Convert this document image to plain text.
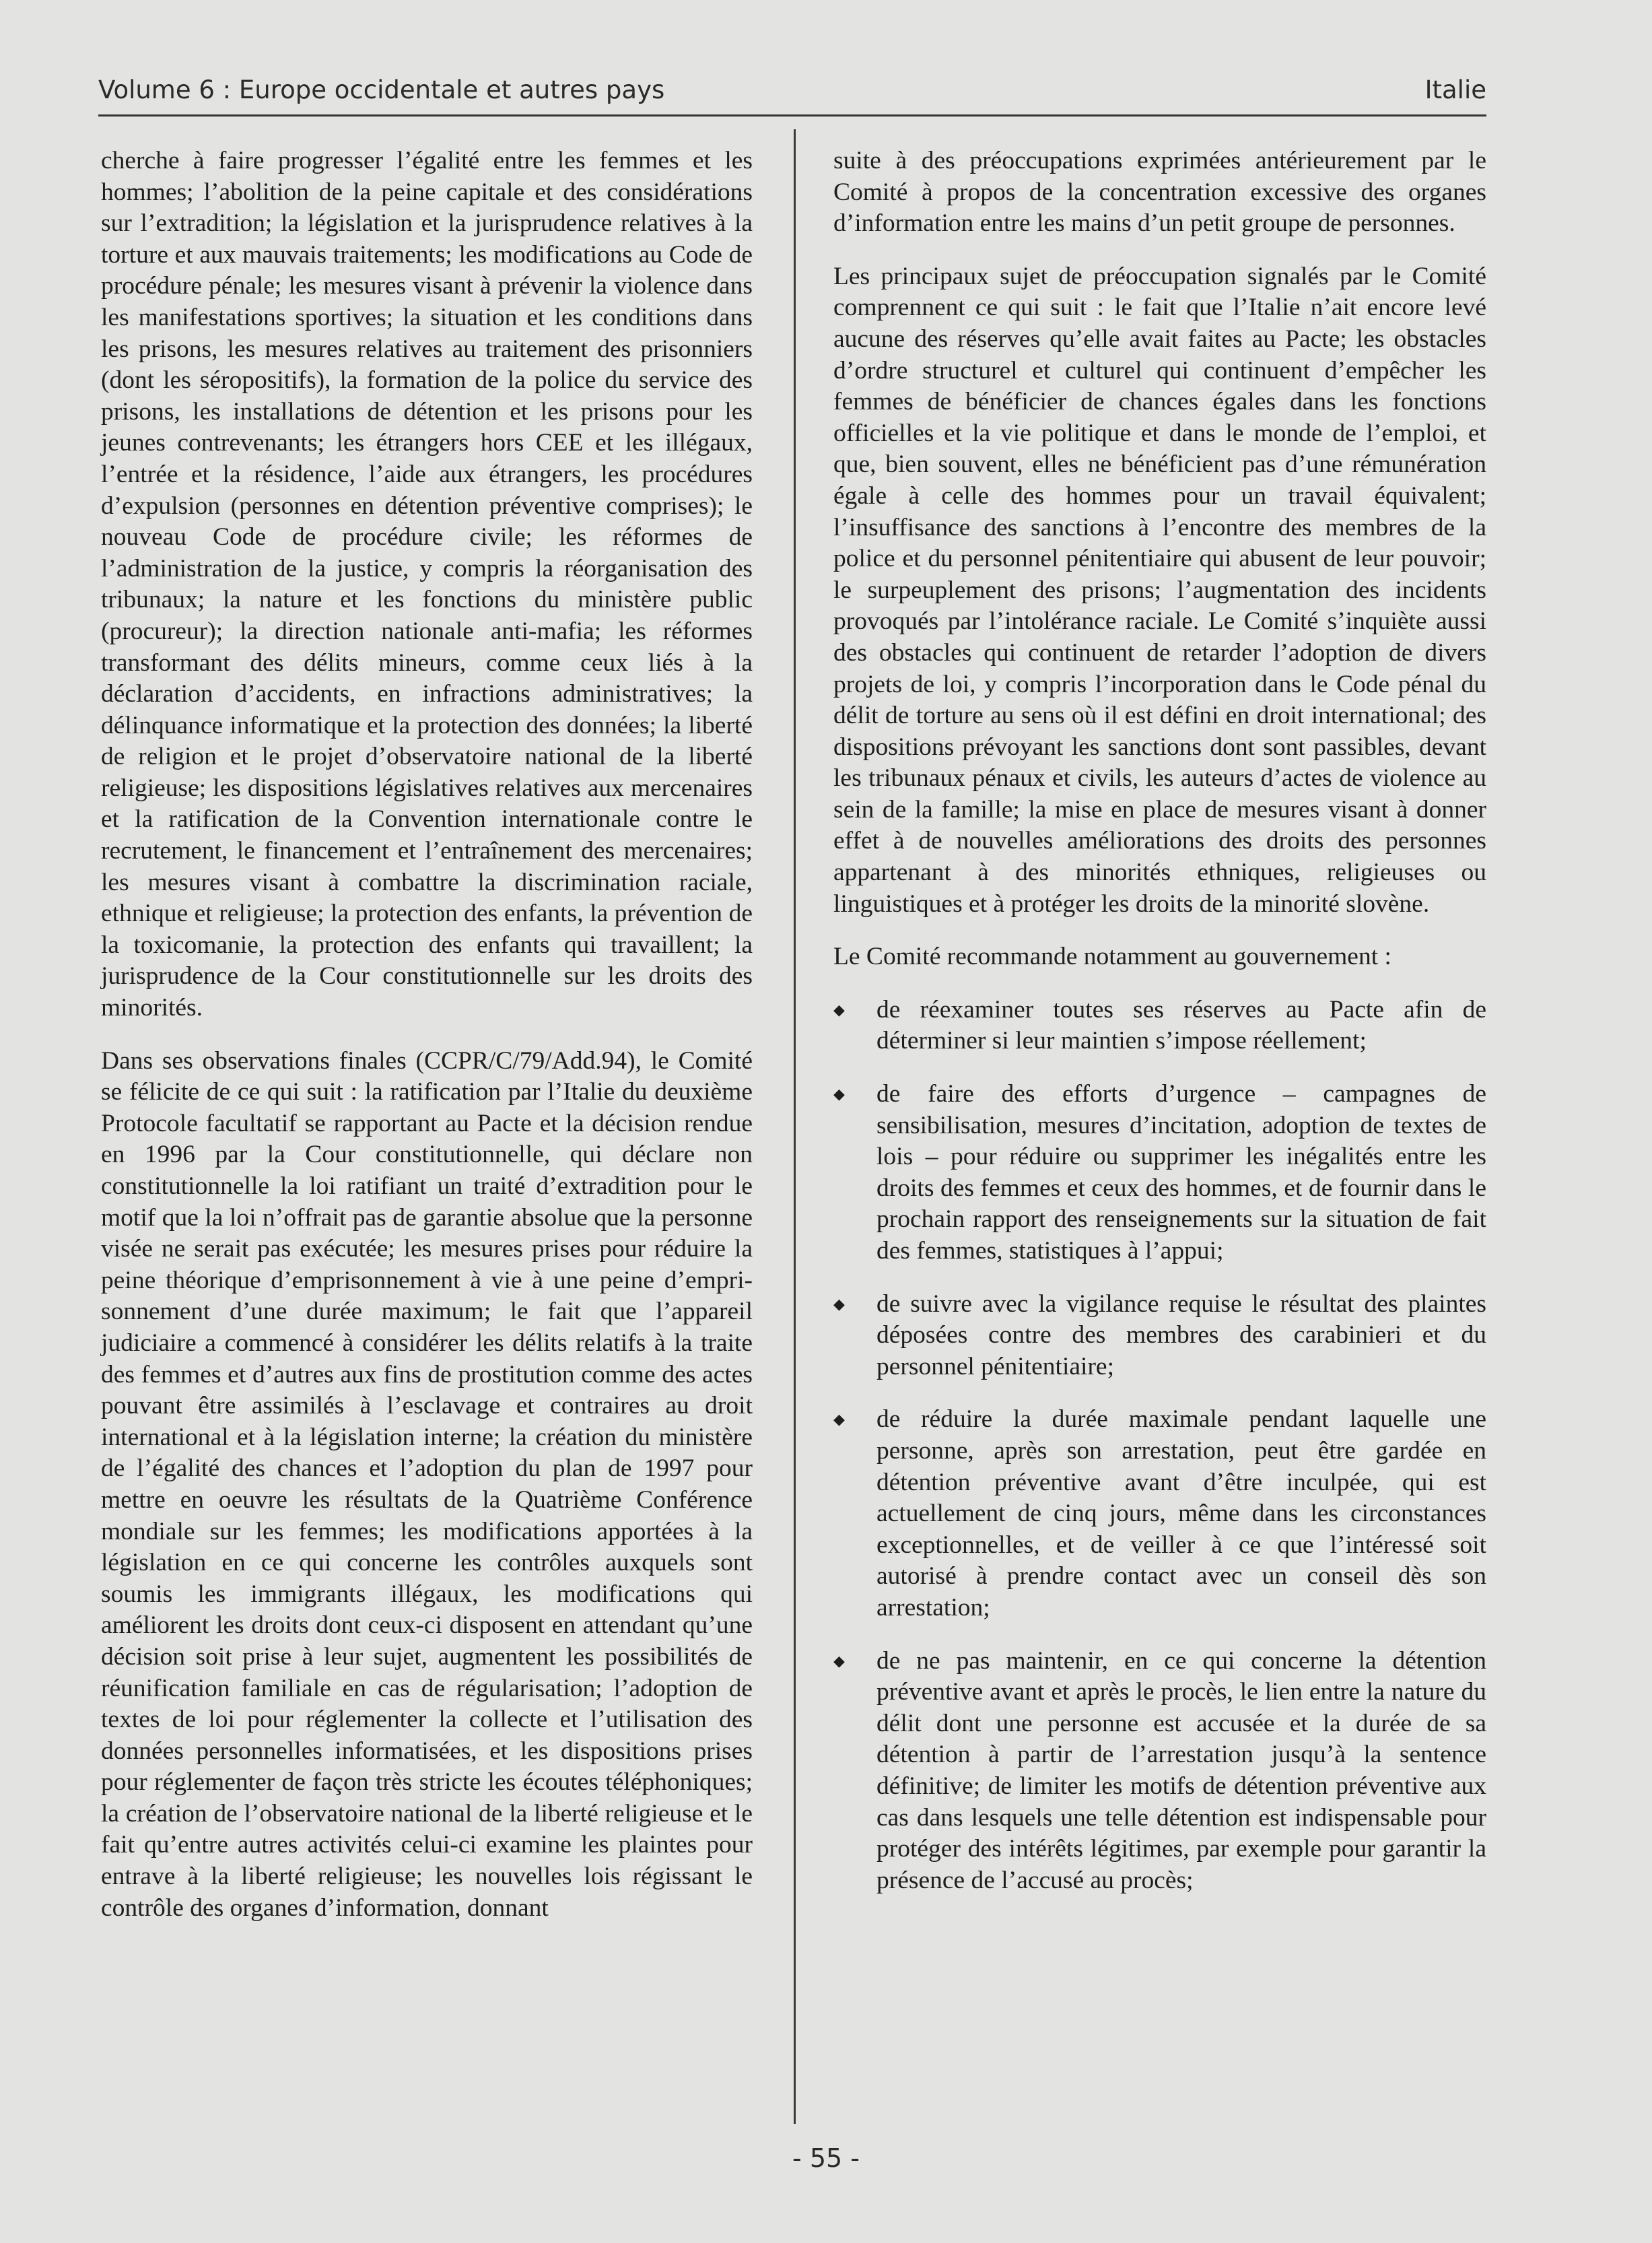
Volume 6 : Europe occidentale et autres pays	Italie

cherche à faire progresser l’égalité entre les femmes et les hommes; l’abolition de la peine capitale et des considérations sur l’extradition; la législation et la jurisprudence relatives à la torture et aux mauvais traitements; les modifications au Code de procédure pénale; les mesures visant à prévenir la violence dans les manifestations sportives; la situation et les conditions dans les prisons, les mesures relatives au traitement des prisonniers (dont les séropositifs), la formation de la police du service des prisons, les installations de détention et les prisons pour les jeunes contrevenants; les étrangers hors CEE et les illégaux, l’entrée et la résidence, l’aide aux étrangers, les procédures d’expulsion (personnes en détention préventive comprises); le nouveau Code de procédure civile; les réformes de l’administration de la justice, y compris la réorganisation des tribunaux; la nature et les fonctions du ministère public (procureur); la direction nationale anti-mafia; les réformes transformant des délits mineurs, comme ceux liés à la déclaration d’accidents, en infractions administratives; la délinquance informatique et la protection des données; la liberté de religion et le projet d’observatoire national de la liberté religieuse; les dispositions législatives relatives aux mercenaires et la ratification de la Convention internationale contre le recrutement, le financement et l’entraînement des mercenaires; les mesures visant à combattre la discrimination raciale, ethnique et religieuse; la protection des enfants, la prévention de la toxicomanie, la protection des enfants qui travaillent; la jurisprudence de la Cour constitutionnelle sur les droits des minorités.

Dans ses observations finales (CCPR/C/79/Add.94), le Comité se félicite de ce qui suit : la ratification par l’Italie du deuxième Protocole facultatif se rapportant au Pacte et la décision rendue en 1996 par la Cour constitutionnelle, qui déclare non constitutionnelle la loi ratifiant un traité d’extradition pour le motif que la loi n’offrait pas de garantie absolue que la personne visée ne serait pas exécutée; les mesures prises pour réduire la peine théorique d’emprisonnement à vie à une peine d’emprisonnement d’une durée maximum; le fait que l’appareil judiciaire a commencé à considérer les délits relatifs à la traite des femmes et d’autres aux fins de prostitution comme des actes pouvant être assimilés à l’esclavage et contraires au droit international et à la législation interne; la création du ministère de l’égalité des chances et l’adoption du plan de 1997 pour mettre en oeuvre les résultats de la Quatrième Conférence mondiale sur les femmes; les modifications apportées à la législation en ce qui concerne les contrôles auxquels sont soumis les immigrants illégaux, les modifications qui améliorent les droits dont ceux-ci disposent en attendant qu’une décision soit prise à leur sujet, augmentent les possibilités de réunification familiale en cas de régularisation; l’adoption de textes de loi pour réglementer la collecte et l’utilisation des données personnelles informatisées, et les dispositions prises pour réglementer de façon très stricte les écoutes téléphoniques; la création de l’observatoire national de la liberté religieuse et le fait qu’entre autres activités celui-ci examine les plaintes pour entrave à la liberté religieuse; les nouvelles lois régissant le contrôle des organes d’information, donnant

suite à des préoccupations exprimées antérieurement par le Comité à propos de la concentration excessive des organes d’information entre les mains d’un petit groupe de personnes.

Les principaux sujet de préoccupation signalés par le Comité comprennent ce qui suit : le fait que l’Italie n’ait encore levé aucune des réserves qu’elle avait faites au Pacte; les obstacles d’ordre structurel et culturel qui continuent d’empêcher les femmes de bénéficier de chances égales dans les fonctions officielles et la vie politique et dans le monde de l’emploi, et que, bien souvent, elles ne bénéficient pas d’une rémunération égale à celle des hommes pour un travail équivalent; l’insuffisance des sanctions à l’encontre des membres de la police et du personnel pénitentiaire qui abusent de leur pouvoir; le surpeuplement des prisons; l’augmentation des incidents provoqués par l’intolérance raciale. Le Comité s’inquiète aussi des obstacles qui continuent de retarder l’adoption de divers projets de loi, y compris l’incorporation dans le Code pénal du délit de torture au sens où il est défini en droit international; des dispositions prévoyant les sanctions dont sont passibles, devant les tribunaux pénaux et civils, les auteurs d’actes de violence au sein de la famille; la mise en place de mesures visant à donner effet à de nouvelles améliorations des droits des personnes appartenant à des minorités ethniques, religieuses ou linguistiques et à protéger les droits de la minorité slovène.

Le Comité recommande notamment au gouvernement :

◆ de réexaminer toutes ses réserves au Pacte afin de déterminer si leur maintien s’impose réellement;
◆ de faire des efforts d’urgence – campagnes de sensibilisation, mesures d’incitation, adoption de textes de lois – pour réduire ou supprimer les inégalités entre les droits des femmes et ceux des hommes, et de fournir dans le prochain rapport des renseignements sur la situation de fait des femmes, statistiques à l’appui;
◆ de suivre avec la vigilance requise le résultat des plaintes déposées contre des membres des carabinieri et du personnel pénitentiaire;
◆ de réduire la durée maximale pendant laquelle une personne, après son arrestation, peut être gardée en détention préventive avant d’être inculpée, qui est actuellement de cinq jours, même dans les circonstances exceptionnelles, et de veiller à ce que l’intéressé soit autorisé à prendre contact avec un conseil dès son arrestation;
◆ de ne pas maintenir, en ce qui concerne la détention préventive avant et après le procès, le lien entre la nature du délit dont une personne est accusée et la durée de sa détention à partir de l’arrestation jusqu’à la sentence définitive; de limiter les motifs de détention préventive aux cas dans lesquels une telle détention est indispensable pour protéger des intérêts légitimes, par exemple pour garantir la présence de l’accusé au procès;
- 55 -
